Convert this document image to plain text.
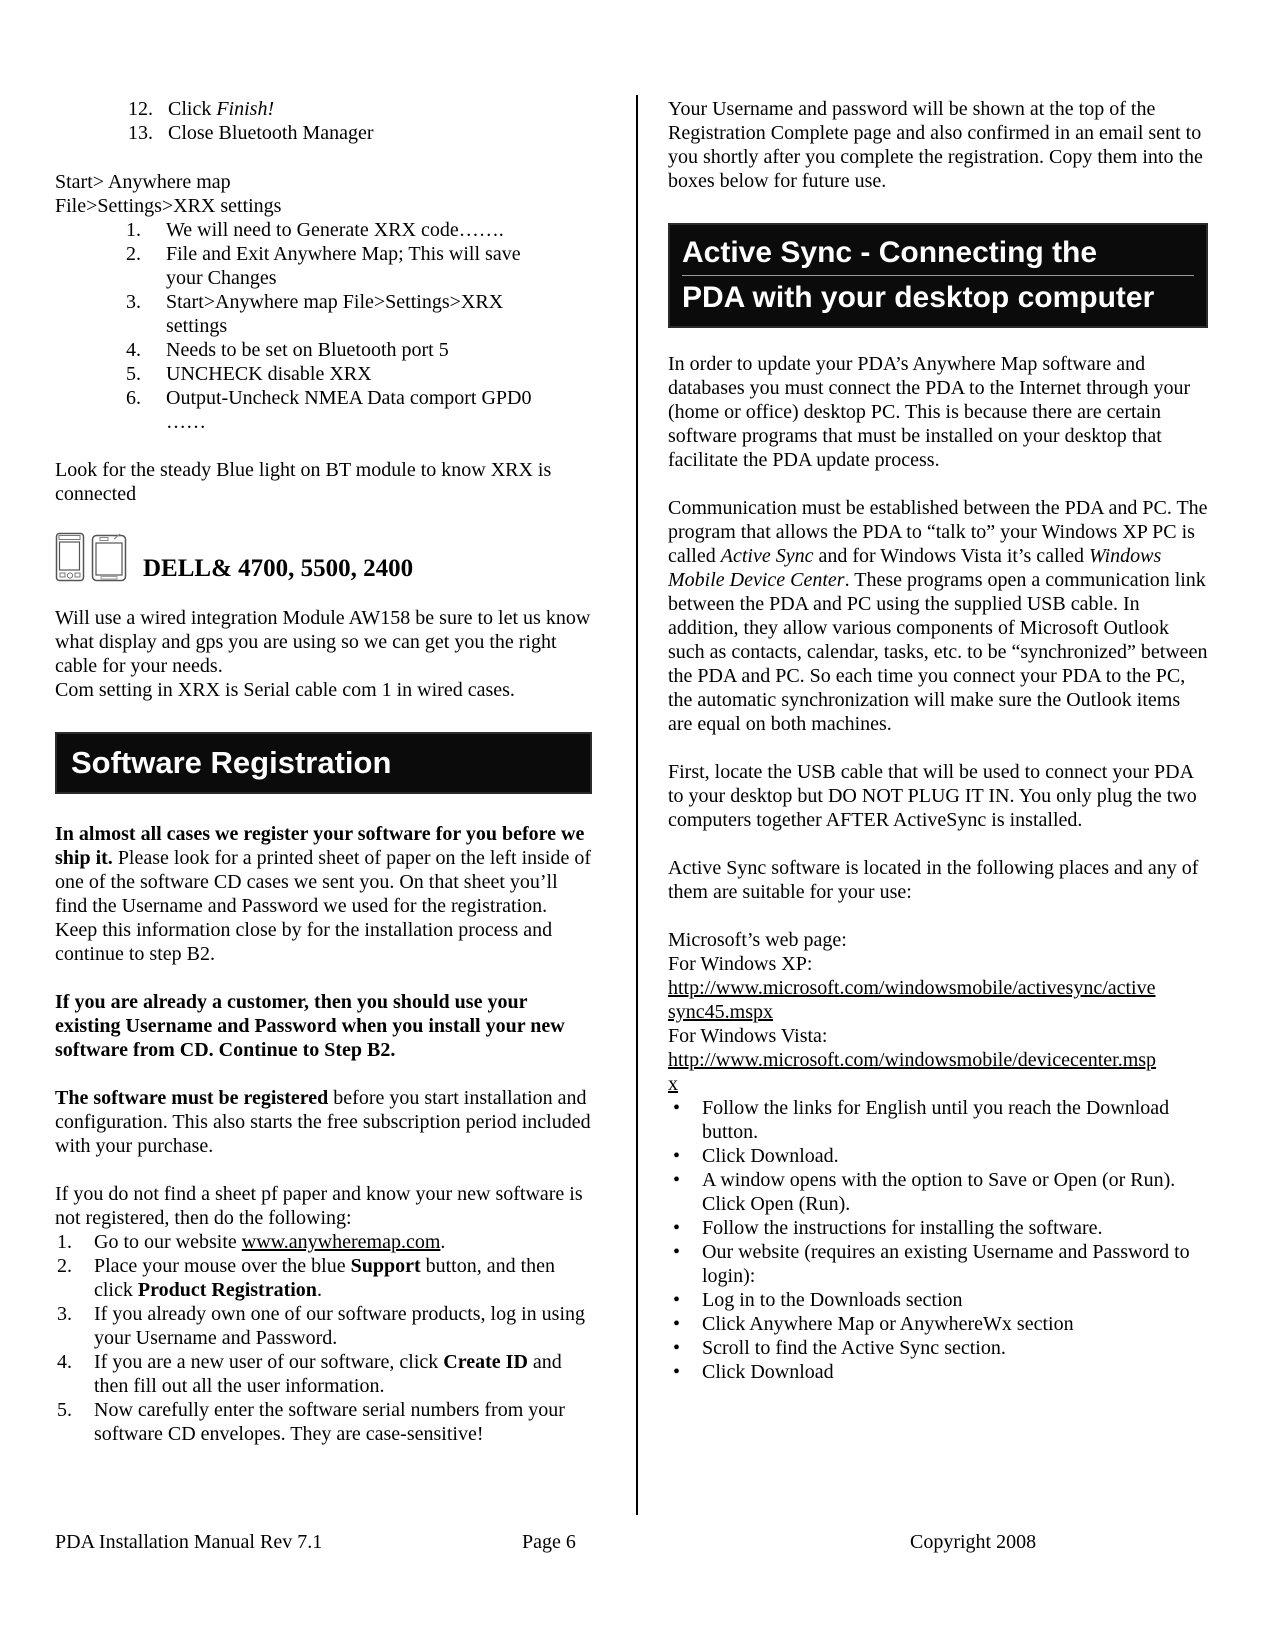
12. Click Finish!
13. Close Bluetooth Manager
Start> Anywhere map
File>Settings>XRX settings
1.	We will need to Generate XRX code…….
2.	File and Exit Anywhere Map; This will save
your Changes
3.	Start>Anywhere map File>Settings>XRX
settings
4.	Needs to be set on Bluetooth port 5
5.	UNCHECK disable XRX
6.	Output-Uncheck NMEA Data comport GPD0
……
Look for the steady Blue light on BT module to know XRX is connected
DELL& 4700, 5500, 2400
Will use a wired integration Module AW158 be sure to let us know what display and gps you are using so we can get you the right cable for your needs.
Com setting in XRX is Serial cable com 1 in wired cases.
Software Registration
In almost all cases we register your software for you before we ship it. Please look for a printed sheet of paper on the left inside of one of the software CD cases we sent you. On that sheet you’ll find the Username and Password we used for the registration. Keep this information close by for the installation process and continue to step B2.
If you are already a customer, then you should use your existing Username and Password when you install your new software from CD. Continue to Step B2.
The software must be registered before you start installation and configuration. This also starts the free subscription period included with your purchase.
If you do not find a sheet pf paper and know your new software is not registered, then do the following:
1.	Go to our website www.anywheremap.com.
2.	Place your mouse over the blue Support button, and then click Product Registration.
3.	If you already own one of our software products, log in using your Username and Password.
4.	If you are a new user of our software, click Create ID and then fill out all the user information.
5.	Now carefully enter the software serial numbers from your software CD envelopes. They are case-sensitive!
Your Username and password will be shown at the top of the Registration Complete page and also confirmed in an email sent to you shortly after you complete the registration. Copy them into the boxes below for future use.
Active Sync - Connecting the
PDA with your desktop computer
In order to update your PDA’s Anywhere Map software and databases you must connect the PDA to the Internet through your (home or office) desktop PC. This is because there are certain software programs that must be installed on your desktop that facilitate the PDA update process.
Communication must be established between the PDA and PC. The program that allows the PDA to “talk to” your Windows XP PC is called Active Sync and for Windows Vista it’s called Windows Mobile Device Center. These programs open a communication link between the PDA and PC using the supplied USB cable. In addition, they allow various components of Microsoft Outlook such as contacts, calendar, tasks, etc. to be “synchronized” between the PDA and PC. So each time you connect your PDA to the PC, the automatic synchronization will make sure the Outlook items are equal on both machines.
First, locate the USB cable that will be used to connect your PDA to your desktop but DO NOT PLUG IT IN. You only plug the two computers together AFTER ActiveSync is installed.
Active Sync software is located in the following places and any of them are suitable for your use:
Microsoft’s web page:
For Windows XP:
http://www.microsoft.com/windowsmobile/activesync/active
sync45.mspx
For Windows Vista:
http://www.microsoft.com/windowsmobile/devicecenter.msp
x
•	Follow the links for English until you reach the Download button.
•	Click Download.
•	A window opens with the option to Save or Open (or Run). Click Open (Run).
•	Follow the instructions for installing the software.
•	Our website (requires an existing Username and Password to login):
•	Log in to the Downloads section
•	Click Anywhere Map or AnywhereWx section
•	Scroll to find the Active Sync section.
•	Click Download
PDA Installation Manual Rev 7.1	Page 6	Copyright 2008
